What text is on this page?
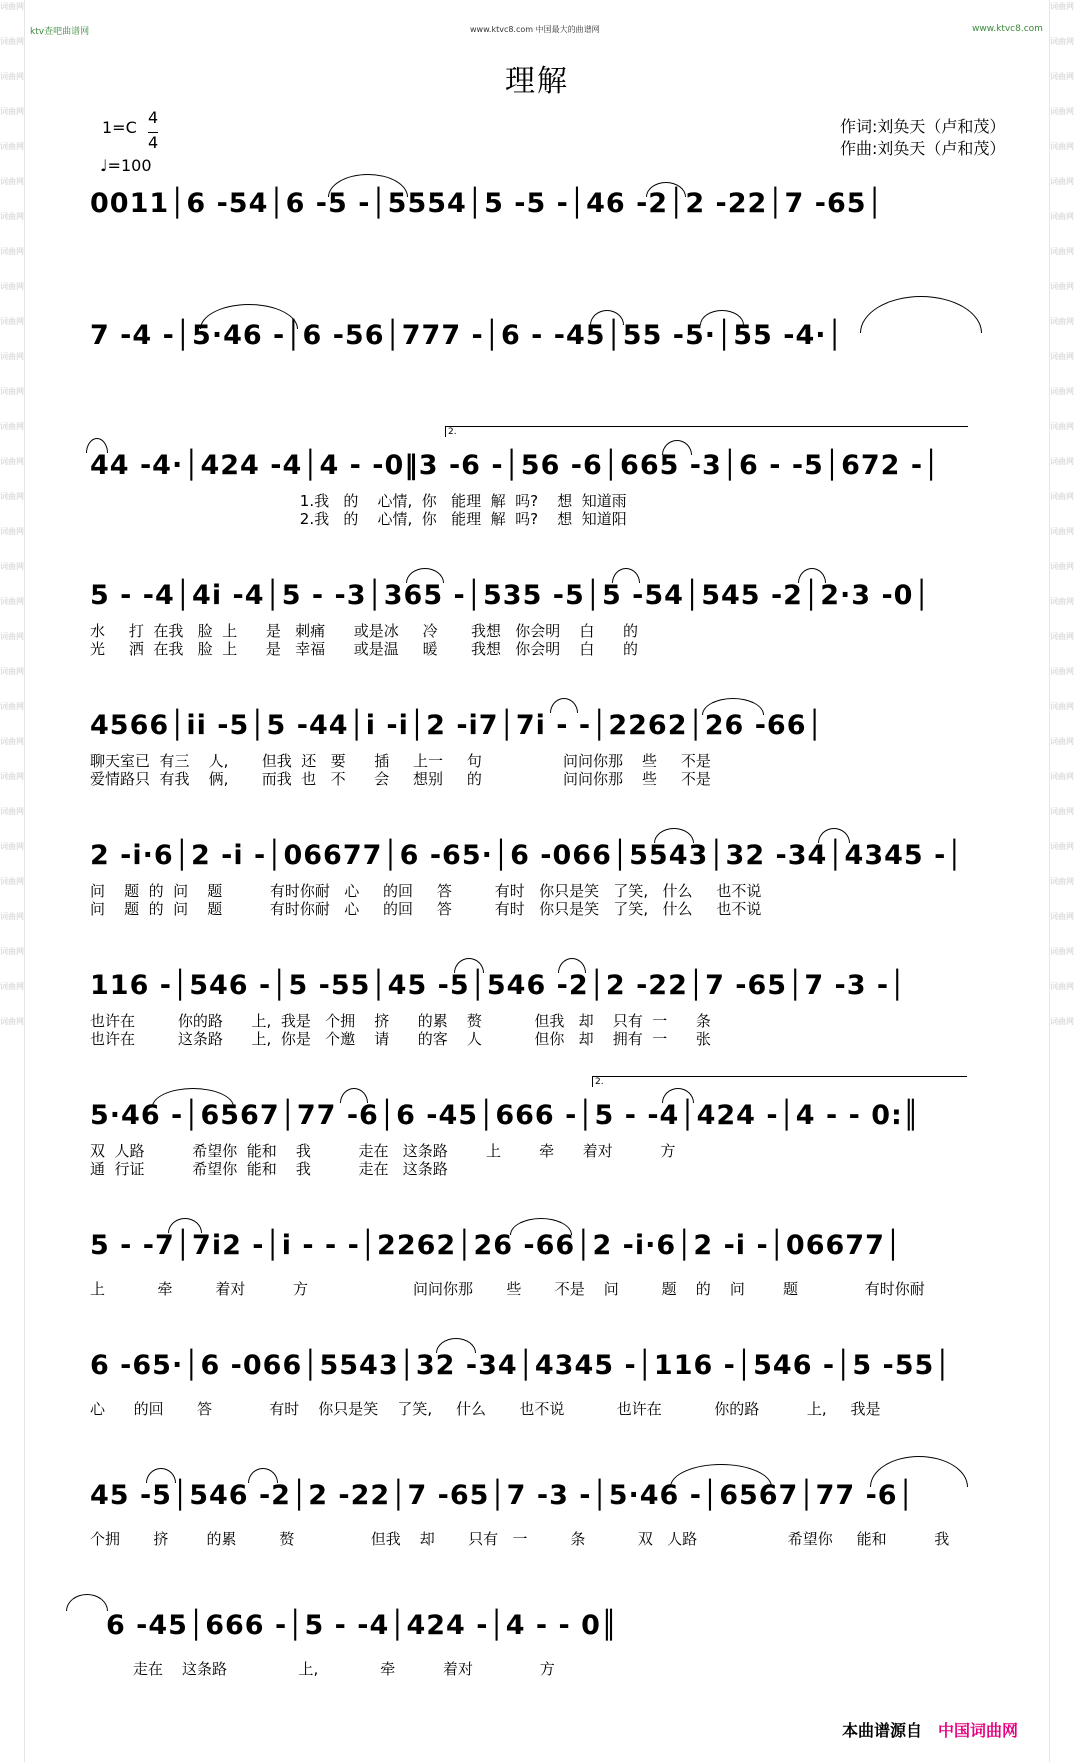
词曲网
词曲网
词曲网
词曲网
词曲网
词曲网
词曲网
词曲网
词曲网
词曲网
词曲网
词曲网
词曲网
词曲网
词曲网
词曲网
词曲网
词曲网
词曲网
词曲网
词曲网
词曲网
词曲网
词曲网
词曲网
词曲网
词曲网
词曲网
词曲网
词曲网
词曲网
词曲网
词曲网
词曲网
词曲网
词曲网
词曲网
词曲网
词曲网
词曲网
词曲网
词曲网
词曲网
词曲网
词曲网
词曲网
词曲网
词曲网
词曲网
词曲网
词曲网
词曲网
词曲网
词曲网
词曲网
词曲网
词曲网
词曲网
词曲网
词曲网
ktv查吧曲谱网	www.ktvc8.com 中国最大的曲谱网	www.ktvc8.com
理解
1=C
4
4
♩=100
作词:刘奂天（卢和茂）
作曲:刘奂天（卢和茂）
0011│6 -54│6 -5 -│5554│5 -5 -│46 -2│2 -22│7 -65│
7 -4 -│5·46 -│6 -56│777 -│6 - -45│55 -5·│55 -4·│
2.
44 -4·│424 -4│4 - -0‖3 -6 -│56 -6│665 -3│6 - -5│672 -│
1.我   的    心情,  你   能理  解  吗?    想  知道雨
2.我   的    心情,  你   能理  解  吗?    想  知道阳
5 - -4│4i -4│5 - -3│365 -│535 -5│5 -54│545 -2│2·3 -0│
水     打  在我   脸  上      是   刺痛      或是冰     冷       我想   你会明    白      的
光     洒  在我   脸  上      是   幸福      或是温     暖       我想   你会明    白      的
4566│ii -5│5 -44│i -i│2 -i7│7i - -│2262│26 -66│
聊天室已  有三    人,       但我  还   要      插     上一     句                 问问你那    些     不是
爱情路只  有我    俩,       而我  也   不      会     想别     的                 问问你那    些     不是
2 -i·6│2 -i -│06677│6 -65·│6 -066│5543│32 -34│4345 -│
问    题  的  问    题          有时你耐   心     的回     答         有时   你只是笑   了笑,   什么     也不说
问    题  的  问    题          有时你耐   心     的回     答         有时   你只是笑   了笑,   什么     也不说
116 -│546 -│5 -55│45 -5│546 -2│2 -22│7 -65│7 -3 -│
也许在         你的路      上,  我是   个拥    挤      的累    赘           但我   却    只有  一      条
也许在         这条路      上,  你是   个邀    请      的客    人           但你   却    拥有  一      张
2.
5·46 -│6567│77 -6│6 -45│666 -│5 - -4│424 -│4 - - 0:║
双  人路          希望你  能和    我          走在   这条路        上        牵      着对          方
通  行证          希望你  能和    我          走在   这条路
5 - -7│7i2 -│i - - -│2262│26 -66│2 -i·6│2 -i -│06677│
上           牵         着对          方                      问问你那       些       不是    问         题    的    问        题              有时你耐
6 -65·│6 -066│5543│32 -34│4345 -│116 -│546 -│5 -55│
心      的回       答            有时    你只是笑    了笑,     什么       也不说           也许在           你的路          上,     我是
45 -5│546 -2│2 -22│7 -65│7 -3 -│5·46 -│6567│77 -6│
个拥       挤        的累         赘                但我    却       只有   一         条           双   人路                   希望你     能和          我
6 -45│666 -│5 - -4│424 -│4 - - 0║
走在    这条路               上,             牵          着对              方
本曲谱源自 中国词曲网
